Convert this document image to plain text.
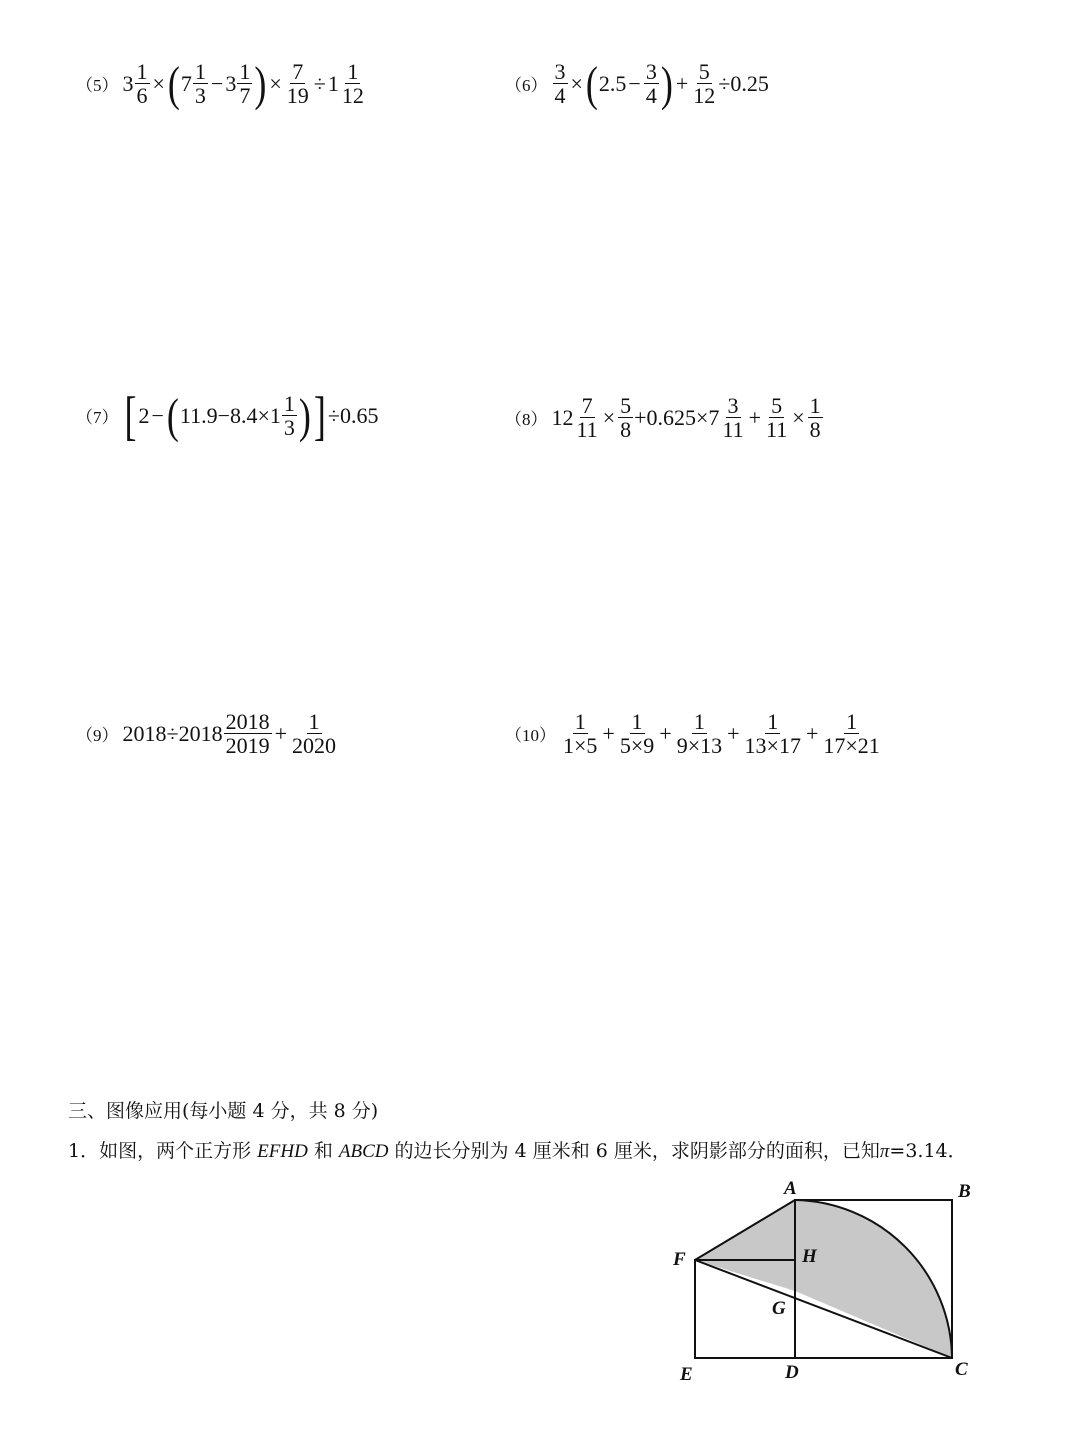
（5） $3 \frac{1}{6}$ × ( $7 \frac{1}{3} - 3 \frac{1}{7}$ ) × $\frac{7}{19} \div 1 \frac{1}{12}$	$(6) \frac{3}{4}$ × ( $2.5 - \frac{3}{4}$ ) + $\frac{5}{12} \div 0.25$
（7） [ 2 − ( $11.9-8.4\times 1 \frac{1}{3}$ ) ] ÷0.65	（8） $12 \frac{7}{11} \times \frac{5}{8} +0.625\times 7 \frac{3}{11} + \frac{5}{11} \times \frac{1}{8}$
（9） $2018\div 2018 \frac{2018}{2019} + \frac{1}{2020}$	$(10) \frac{1}{1\times 5} + \frac{1}{5\times 9} + \frac{1}{9\times 13} + \frac{1}{13\times 17} + \frac{1}{17\times 21}$
三、图像应用(每小题 4 分，共 8 分)
1．如图，两个正方形 EFHD 和 ABCD 的边长分别为 4 厘米和 6 厘米，求阴影部分的面积，已知π=3.14．
A	B
F	H
G
E	D	C
